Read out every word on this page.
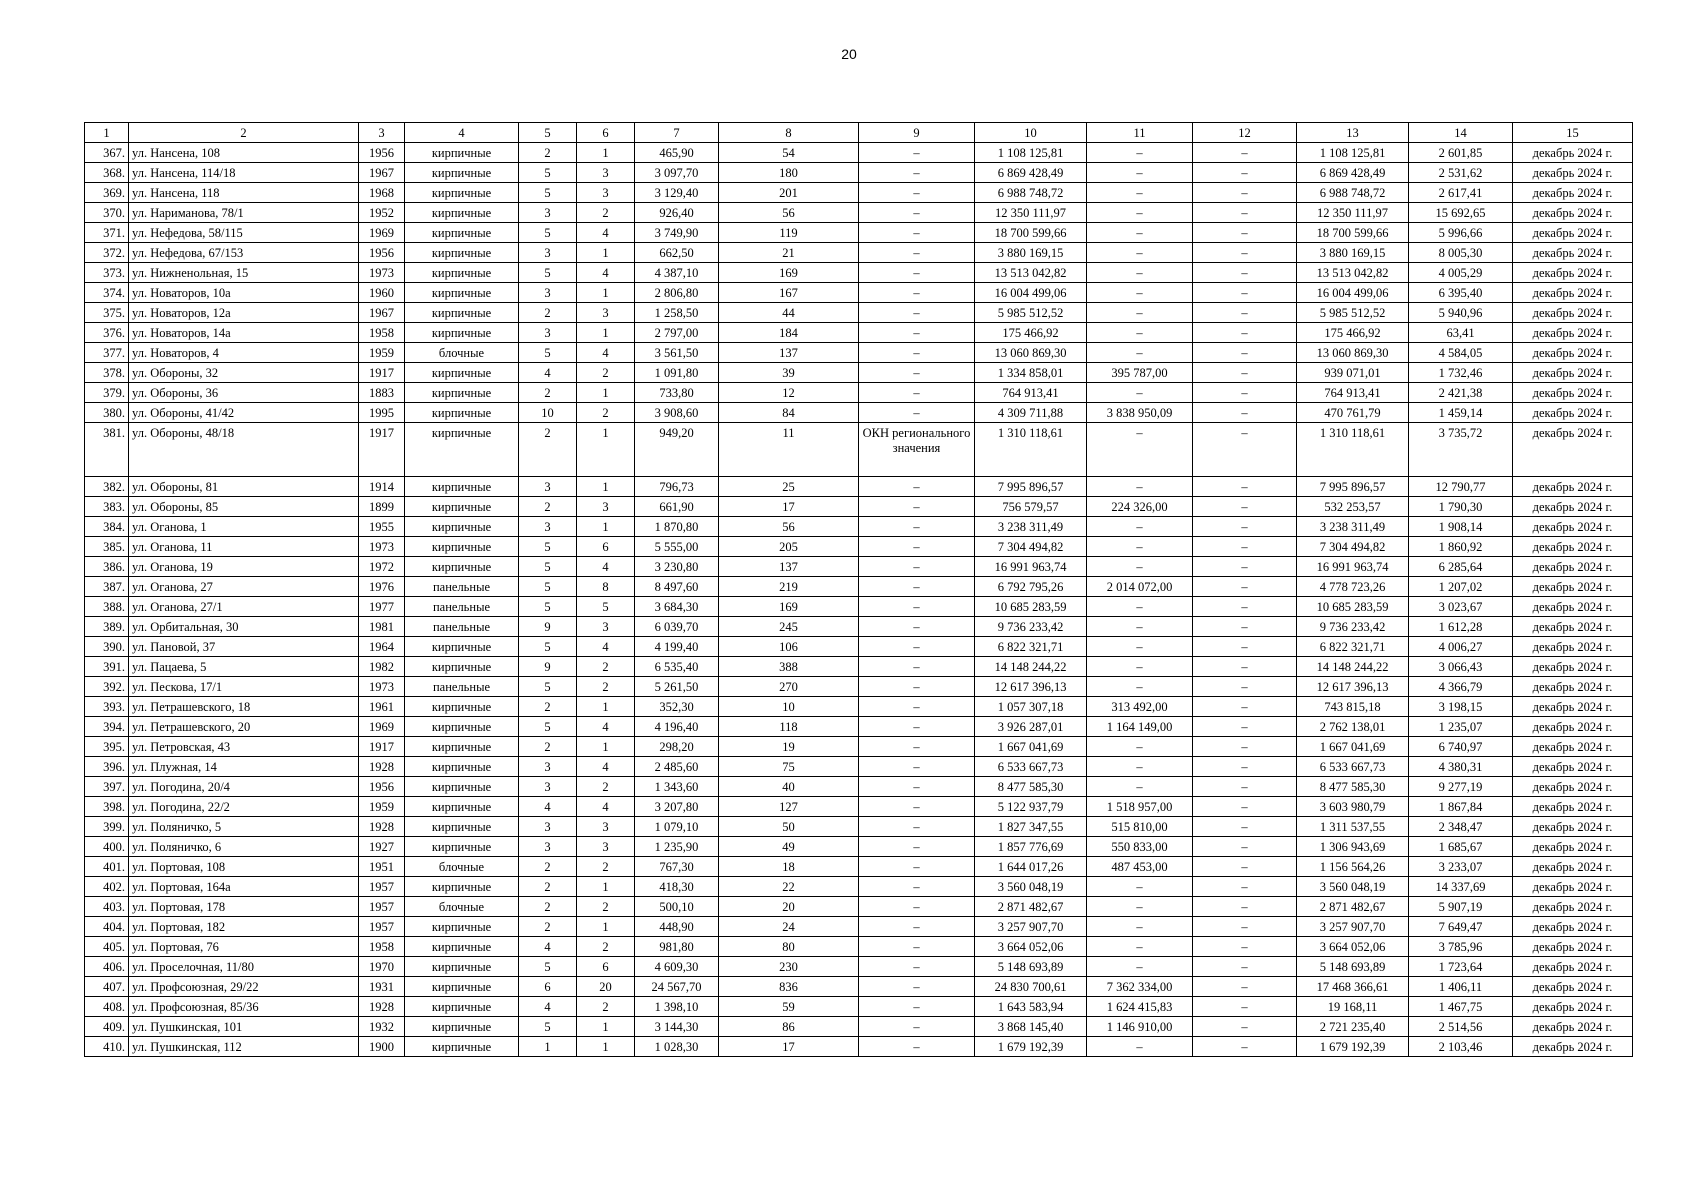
20
1	2	3	4	5	6	7	8	9	10	11	12	13	14	15
367.	ул. Нансена, 108	1956	кирпичные	2	1	465,90	54	–	1 108 125,81	–	–	1 108 125,81	2 601,85	декабрь 2024 г.
368.	ул. Нансена, 114/18	1967	кирпичные	5	3	3 097,70	180	–	6 869 428,49	–	–	6 869 428,49	2 531,62	декабрь 2024 г.
369.	ул. Нансена, 118	1968	кирпичные	5	3	3 129,40	201	–	6 988 748,72	–	–	6 988 748,72	2 617,41	декабрь 2024 г.
370.	ул. Нариманова, 78/1	1952	кирпичные	3	2	926,40	56	–	12 350 111,97	–	–	12 350 111,97	15 692,65	декабрь 2024 г.
371.	ул. Нефедова, 58/115	1969	кирпичные	5	4	3 749,90	119	–	18 700 599,66	–	–	18 700 599,66	5 996,66	декабрь 2024 г.
372.	ул. Нефедова, 67/153	1956	кирпичные	3	1	662,50	21	–	3 880 169,15	–	–	3 880 169,15	8 005,30	декабрь 2024 г.
373.	ул. Нижненольная, 15	1973	кирпичные	5	4	4 387,10	169	–	13 513 042,82	–	–	13 513 042,82	4 005,29	декабрь 2024 г.
374.	ул. Новаторов, 10а	1960	кирпичные	3	1	2 806,80	167	–	16 004 499,06	–	–	16 004 499,06	6 395,40	декабрь 2024 г.
375.	ул. Новаторов, 12а	1967	кирпичные	2	3	1 258,50	44	–	5 985 512,52	–	–	5 985 512,52	5 940,96	декабрь 2024 г.
376.	ул. Новаторов, 14а	1958	кирпичные	3	1	2 797,00	184	–	175 466,92	–	–	175 466,92	63,41	декабрь 2024 г.
377.	ул. Новаторов, 4	1959	блочные	5	4	3 561,50	137	–	13 060 869,30	–	–	13 060 869,30	4 584,05	декабрь 2024 г.
378.	ул. Обороны, 32	1917	кирпичные	4	2	1 091,80	39	–	1 334 858,01	395 787,00	–	939 071,01	1 732,46	декабрь 2024 г.
379.	ул. Обороны, 36	1883	кирпичные	2	1	733,80	12	–	764 913,41	–	–	764 913,41	2 421,38	декабрь 2024 г.
380.	ул. Обороны, 41/42	1995	кирпичные	10	2	3 908,60	84	–	4 309 711,88	3 838 950,09	–	470 761,79	1 459,14	декабрь 2024 г.
381.	ул. Обороны, 48/18	1917	кирпичные	2	1	949,20	11	ОКН регионального значения	1 310 118,61	–	–	1 310 118,61	3 735,72	декабрь 2024 г.
382.	ул. Обороны, 81	1914	кирпичные	3	1	796,73	25	–	7 995 896,57	–	–	7 995 896,57	12 790,77	декабрь 2024 г.
383.	ул. Обороны, 85	1899	кирпичные	2	3	661,90	17	–	756 579,57	224 326,00	–	532 253,57	1 790,30	декабрь 2024 г.
384.	ул. Оганова, 1	1955	кирпичные	3	1	1 870,80	56	–	3 238 311,49	–	–	3 238 311,49	1 908,14	декабрь 2024 г.
385.	ул. Оганова, 11	1973	кирпичные	5	6	5 555,00	205	–	7 304 494,82	–	–	7 304 494,82	1 860,92	декабрь 2024 г.
386.	ул. Оганова, 19	1972	кирпичные	5	4	3 230,80	137	–	16 991 963,74	–	–	16 991 963,74	6 285,64	декабрь 2024 г.
387.	ул. Оганова, 27	1976	панельные	5	8	8 497,60	219	–	6 792 795,26	2 014 072,00	–	4 778 723,26	1 207,02	декабрь 2024 г.
388.	ул. Оганова, 27/1	1977	панельные	5	5	3 684,30	169	–	10 685 283,59	–	–	10 685 283,59	3 023,67	декабрь 2024 г.
389.	ул. Орбитальная, 30	1981	панельные	9	3	6 039,70	245	–	9 736 233,42	–	–	9 736 233,42	1 612,28	декабрь 2024 г.
390.	ул. Пановой, 37	1964	кирпичные	5	4	4 199,40	106	–	6 822 321,71	–	–	6 822 321,71	4 006,27	декабрь 2024 г.
391.	ул. Пацаева, 5	1982	кирпичные	9	2	6 535,40	388	–	14 148 244,22	–	–	14 148 244,22	3 066,43	декабрь 2024 г.
392.	ул. Пескова, 17/1	1973	панельные	5	2	5 261,50	270	–	12 617 396,13	–	–	12 617 396,13	4 366,79	декабрь 2024 г.
393.	ул. Петрашевского, 18	1961	кирпичные	2	1	352,30	10	–	1 057 307,18	313 492,00	–	743 815,18	3 198,15	декабрь 2024 г.
394.	ул. Петрашевского, 20	1969	кирпичные	5	4	4 196,40	118	–	3 926 287,01	1 164 149,00	–	2 762 138,01	1 235,07	декабрь 2024 г.
395.	ул. Петровская, 43	1917	кирпичные	2	1	298,20	19	–	1 667 041,69	–	–	1 667 041,69	6 740,97	декабрь 2024 г.
396.	ул. Плужная, 14	1928	кирпичные	3	4	2 485,60	75	–	6 533 667,73	–	–	6 533 667,73	4 380,31	декабрь 2024 г.
397.	ул. Погодина, 20/4	1956	кирпичные	3	2	1 343,60	40	–	8 477 585,30	–	–	8 477 585,30	9 277,19	декабрь 2024 г.
398.	ул. Погодина, 22/2	1959	кирпичные	4	4	3 207,80	127	–	5 122 937,79	1 518 957,00	–	3 603 980,79	1 867,84	декабрь 2024 г.
399.	ул. Поляничко, 5	1928	кирпичные	3	3	1 079,10	50	–	1 827 347,55	515 810,00	–	1 311 537,55	2 348,47	декабрь 2024 г.
400.	ул. Поляничко, 6	1927	кирпичные	3	3	1 235,90	49	–	1 857 776,69	550 833,00	–	1 306 943,69	1 685,67	декабрь 2024 г.
401.	ул. Портовая, 108	1951	блочные	2	2	767,30	18	–	1 644 017,26	487 453,00	–	1 156 564,26	3 233,07	декабрь 2024 г.
402.	ул. Портовая, 164а	1957	кирпичные	2	1	418,30	22	–	3 560 048,19	–	–	3 560 048,19	14 337,69	декабрь 2024 г.
403.	ул. Портовая, 178	1957	блочные	2	2	500,10	20	–	2 871 482,67	–	–	2 871 482,67	5 907,19	декабрь 2024 г.
404.	ул. Портовая, 182	1957	кирпичные	2	1	448,90	24	–	3 257 907,70	–	–	3 257 907,70	7 649,47	декабрь 2024 г.
405.	ул. Портовая, 76	1958	кирпичные	4	2	981,80	80	–	3 664 052,06	–	–	3 664 052,06	3 785,96	декабрь 2024 г.
406.	ул. Проселочная, 11/80	1970	кирпичные	5	6	4 609,30	230	–	5 148 693,89	–	–	5 148 693,89	1 723,64	декабрь 2024 г.
407.	ул. Профсоюзная, 29/22	1931	кирпичные	6	20	24 567,70	836	–	24 830 700,61	7 362 334,00	–	17 468 366,61	1 406,11	декабрь 2024 г.
408.	ул. Профсоюзная, 85/36	1928	кирпичные	4	2	1 398,10	59	–	1 643 583,94	1 624 415,83	–	19 168,11	1 467,75	декабрь 2024 г.
409.	ул. Пушкинская, 101	1932	кирпичные	5	1	3 144,30	86	–	3 868 145,40	1 146 910,00	–	2 721 235,40	2 514,56	декабрь 2024 г.
410.	ул. Пушкинская, 112	1900	кирпичные	1	1	1 028,30	17	–	1 679 192,39	–	–	1 679 192,39	2 103,46	декабрь 2024 г.
